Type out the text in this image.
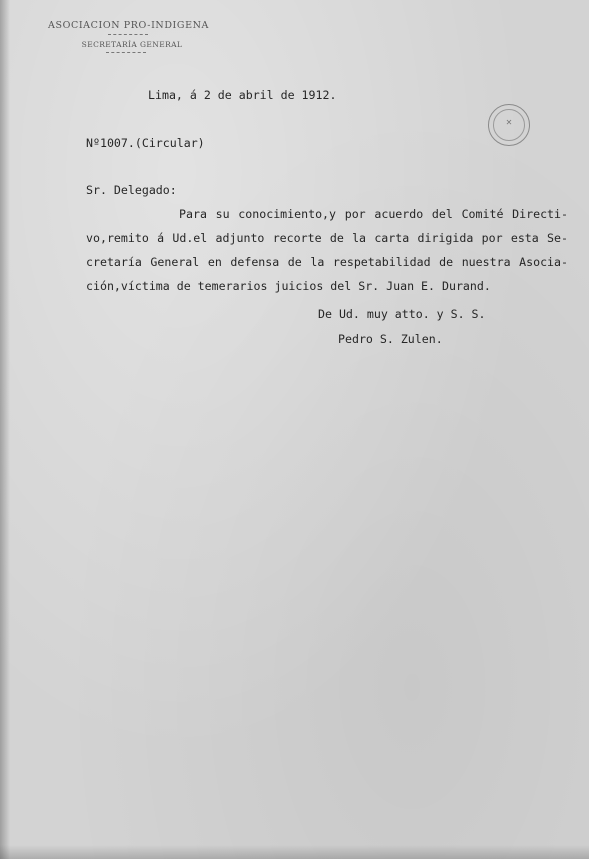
ASOCIACION PRO-INDIGENA
SECRETARÍA GENERAL
✕
Lima, á 2 de abril de 1912.
Nº1007.(Circular)
Sr. Delegado:
Para su conocimiento,y por acuerdo del Comité Directi-
vo,remito á Ud.el adjunto recorte de la carta dirigida por esta Se-
cretaría General en defensa de la respetabilidad de nuestra Asocia-
ción,víctima de temerarios juicios del Sr. Juan E. Durand.
De Ud. muy atto. y S. S.
Pedro S. Zulen.
